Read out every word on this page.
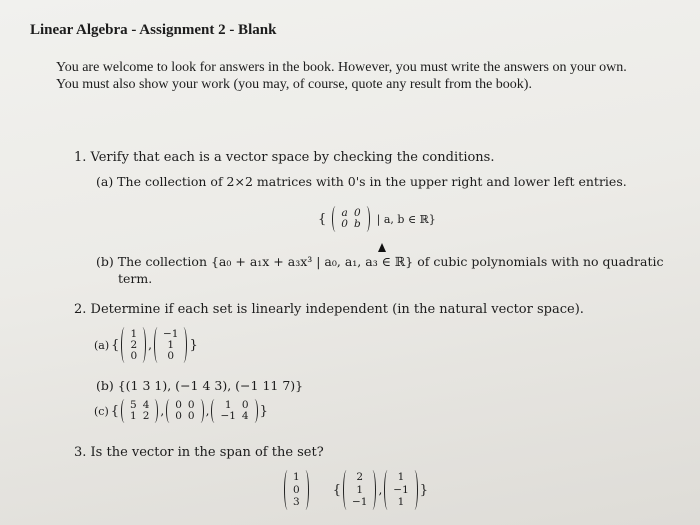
Linear Algebra - Assignment 2 - Blank
You are welcome to look for answers in the book. However, you must write the answers on your own.
You must also show your work (you may, of course, quote any result from the book).
1. Verify that each is a vector space by checking the conditions.
(a) The collection of 2×2 matrices with 0's in the upper right and lower left entries.
{ a 0
0 b | a, b ∈ ℝ}
(b) The collection {a₀ + a₁x + a₃x³ | a₀, a₁, a₃ ∈ ℝ} of cubic polynomials with no quadratic
term.
2. Determine if each set is linearly independent (in the natural vector space).
(a) {
1
2
0
,
−1
1
0
}
(b) {(1 3 1), (−1 4 3), (−1 11 7)}
(c) { 5 4
1 2 , 0 0
0 0 ,	1 0
−1 4 }
3. Is the vector in the span of the set?
1
0
3
{
2
1
−1
,
1
−1
1
}
